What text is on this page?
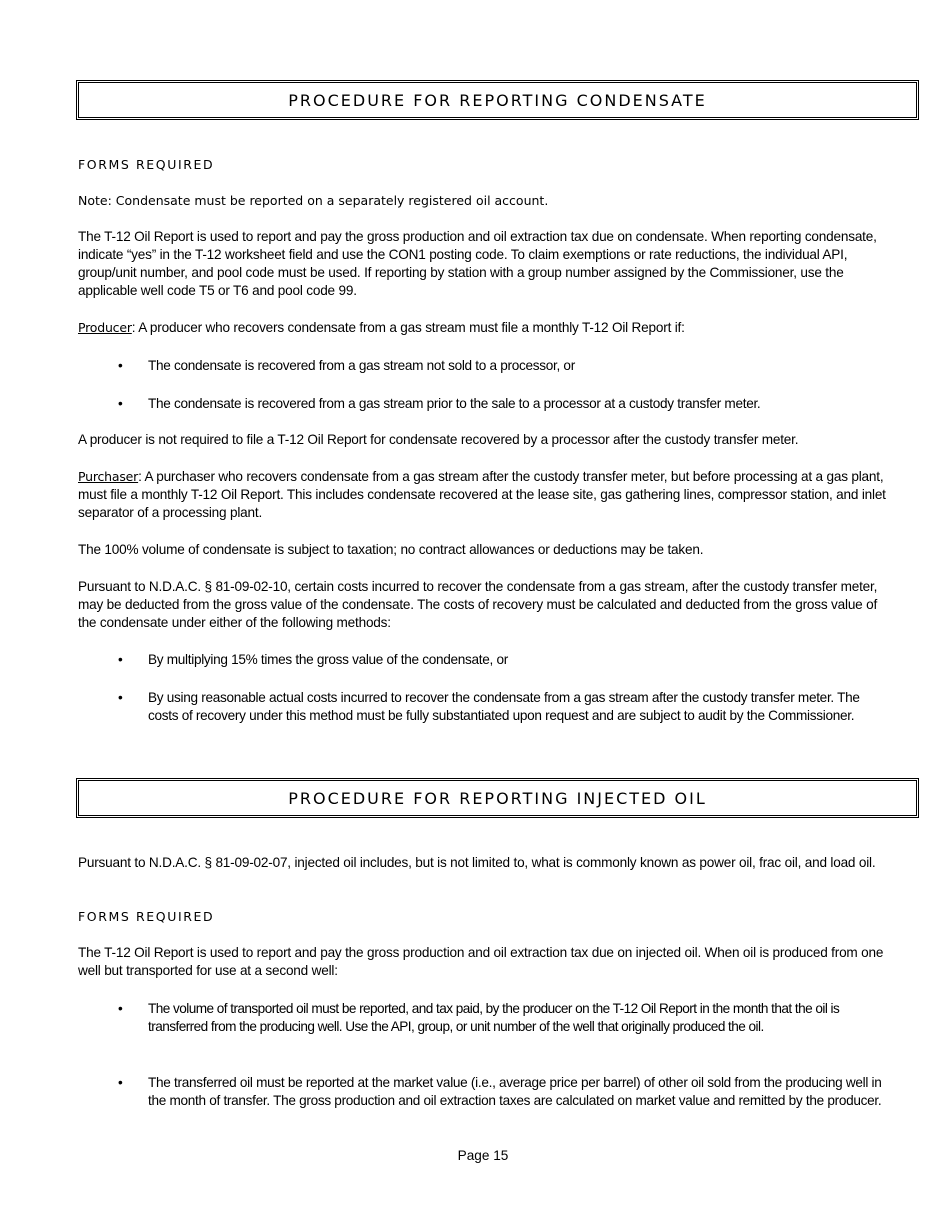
PROCEDURE FOR REPORTING CONDENSATE
FORMS REQUIRED
Note: Condensate must be reported on a separately registered oil account.
The T-12 Oil Report is used to report and pay the gross production and oil extraction tax due on condensate. When reporting condensate, indicate “yes” in the T-12 worksheet field and use the CON1 posting code. To claim exemptions or rate reductions, the individual API, group/unit number, and pool code must be used. If reporting by station with a group number assigned by the Commissioner, use the applicable well code T5 or T6 and pool code 99.
Producer: A producer who recovers condensate from a gas stream must file a monthly T-12 Oil Report if:
•	The condensate is recovered from a gas stream not sold to a processor, or
•	The condensate is recovered from a gas stream prior to the sale to a processor at a custody transfer meter.
A producer is not required to file a T-12 Oil Report for condensate recovered by a processor after the custody transfer meter.
Purchaser: A purchaser who recovers condensate from a gas stream after the custody transfer meter, but before processing at a gas plant, must file a monthly T-12 Oil Report. This includes condensate recovered at the lease site, gas gathering lines, compressor station, and inlet separator of a processing plant.
The 100% volume of condensate is subject to taxation; no contract allowances or deductions may be taken.
Pursuant to N.D.A.C. § 81-09-02-10, certain costs incurred to recover the condensate from a gas stream, after the custody transfer meter, may be deducted from the gross value of the condensate. The costs of recovery must be calculated and deducted from the gross value of the condensate under either of the following methods:
•	By multiplying 15% times the gross value of the condensate, or
•	By using reasonable actual costs incurred to recover the condensate from a gas stream after the custody transfer meter. The costs of recovery under this method must be fully substantiated upon request and are subject to audit by the Commissioner.
PROCEDURE FOR REPORTING INJECTED OIL
Pursuant to N.D.A.C. § 81-09-02-07, injected oil includes, but is not limited to, what is commonly known as power oil, frac oil, and load oil.
FORMS REQUIRED
The T-12 Oil Report is used to report and pay the gross production and oil extraction tax due on injected oil. When oil is produced from one well but transported for use at a second well:
•	The volume of transported oil must be reported, and tax paid, by the producer on the T-12 Oil Report in the month that the oil is transferred from the producing well. Use the API, group, or unit number of the well that originally produced the oil.
•	The transferred oil must be reported at the market value (i.e., average price per barrel) of other oil sold from the producing well in the month of transfer. The gross production and oil extraction taxes are calculated on market value and remitted by the producer.
Page 15
